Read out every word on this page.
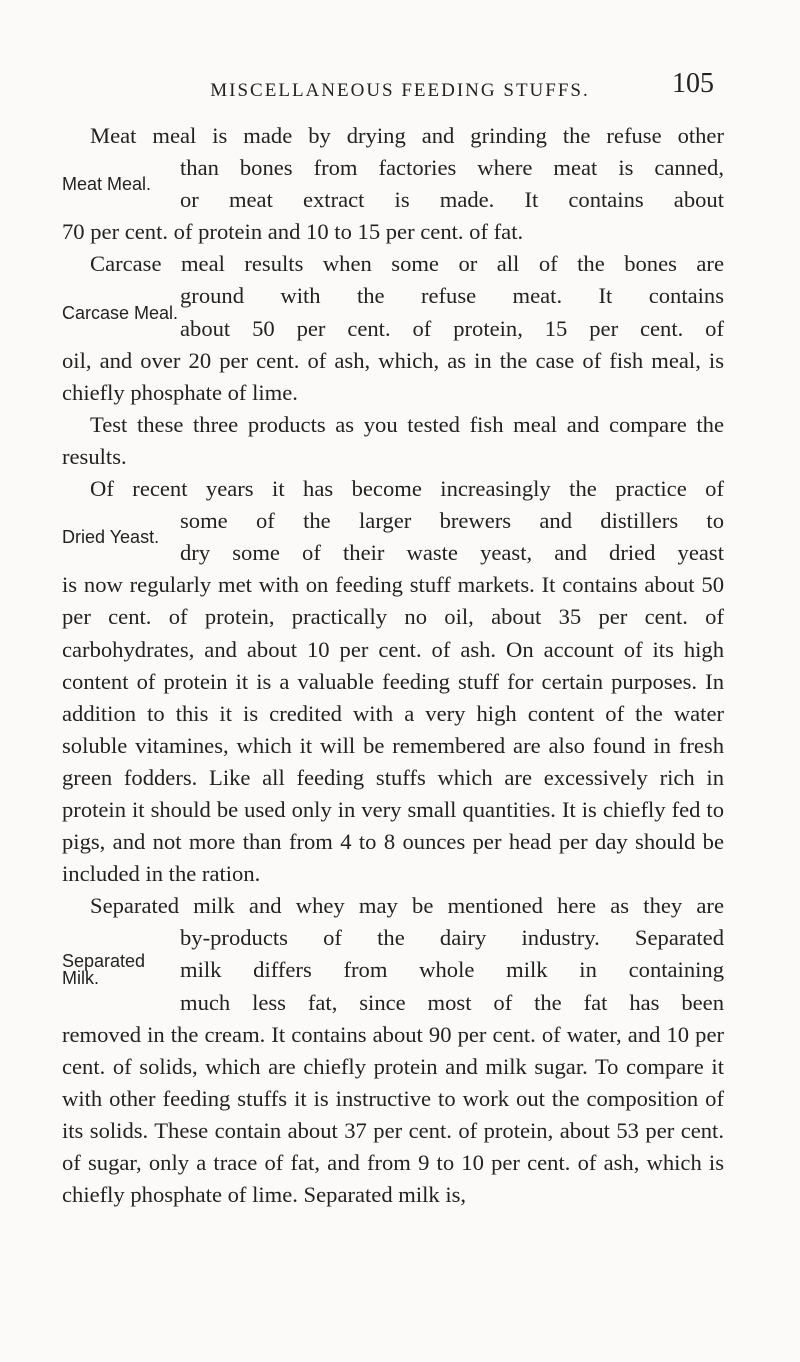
MISCELLANEOUS FEEDING STUFFS.	105
Meat meal is made by drying and grinding the refuse other
Meat Meal.
than bones from factories where meat is canned,
or meat extract is made. It contains about

70 per cent. of protein and 10 to 15 per cent. of fat.

Carcase meal results when some or all of the bones are
Carcase Meal.
ground with the refuse meat. It contains
about 50 per cent. of protein, 15 per cent. of

oil, and over 20 per cent. of ash, which, as in the case of fish meal, is chiefly phosphate of lime.

Test these three products as you tested fish meal and compare the results.

Of recent years it has become increasingly the practice of
Dried Yeast.
some of the larger brewers and distillers to
dry some of their waste yeast, and dried yeast

is now regularly met with on feeding stuff markets. It contains about 50 per cent. of protein, practically no oil, about 35 per cent. of carbohydrates, and about 10 per cent. of ash. On account of its high content of protein it is a valuable feeding stuff for certain purposes. In addition to this it is credited with a very high content of the water soluble vitamines, which it will be remembered are also found in fresh green fodders. Like all feeding stuffs which are excessively rich in protein it should be used only in very small quantities. It is chiefly fed to pigs, and not more than from 4 to 8 ounces per head per day should be included in the ration.

Separated milk and whey may be mentioned here as they are
Separated Milk.
by-products of the dairy industry. Separated
milk differs from whole milk in containing
much less fat, since most of the fat has been

removed in the cream. It contains about 90 per cent. of water, and 10 per cent. of solids, which are chiefly protein and milk sugar. To compare it with other feeding stuffs it is instructive to work out the composition of its solids. These contain about 37 per cent. of protein, about 53 per cent. of sugar, only a trace of fat, and from 9 to 10 per cent. of ash, which is chiefly phosphate of lime. Separated milk is,
